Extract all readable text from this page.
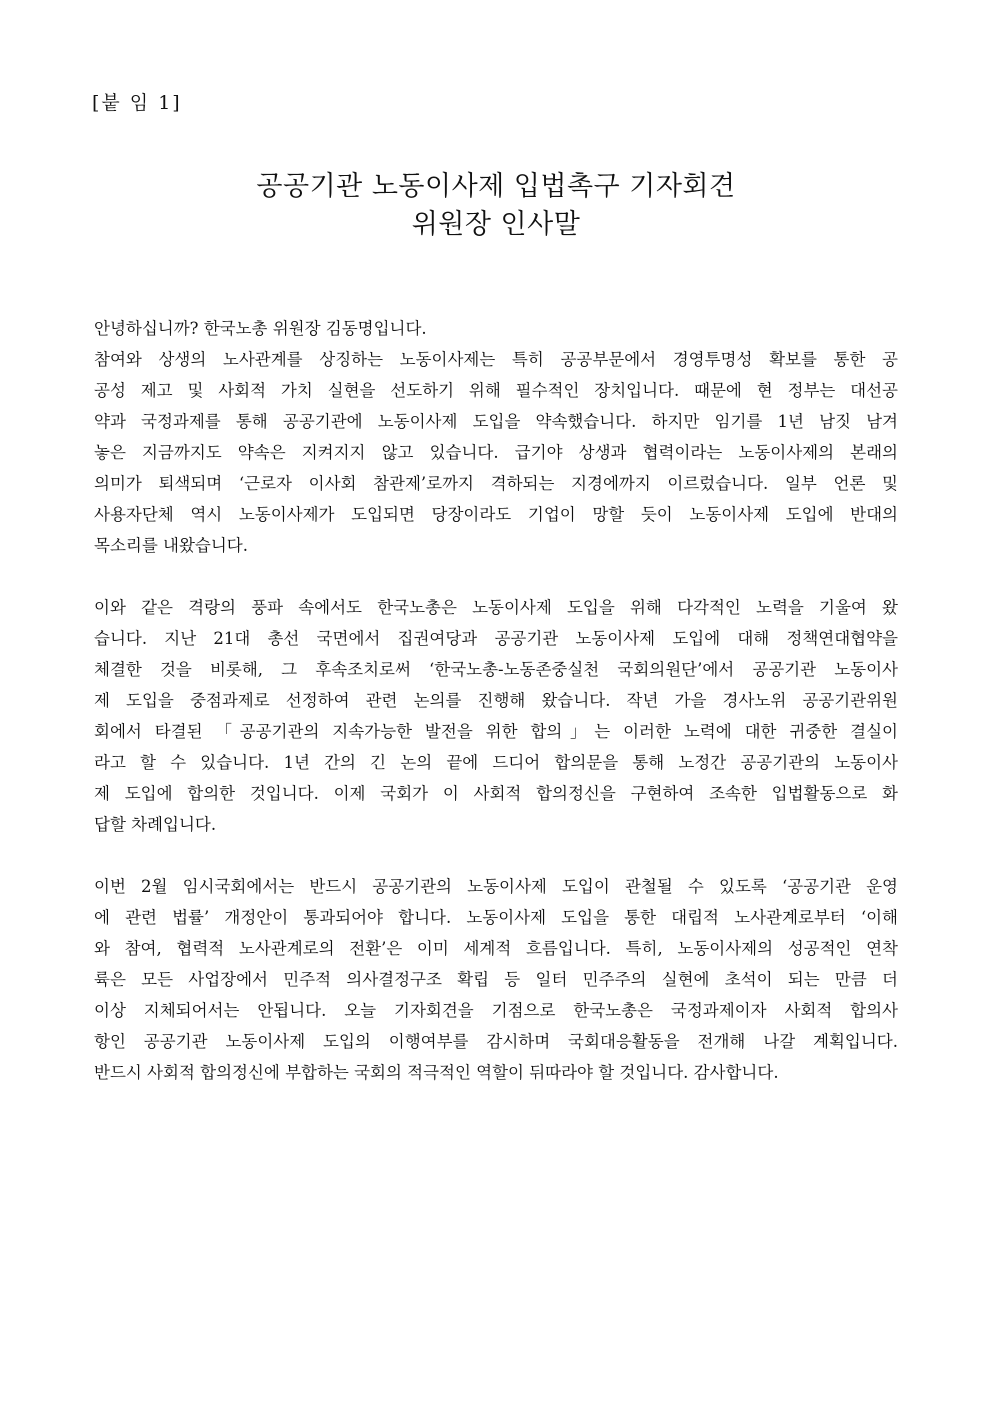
[붙 임 1]
공공기관 노동이사제 입법촉구 기자회견
위원장 인사말
안녕하십니까? 한국노총 위원장 김동명입니다.
참여와 상생의 노사관계를 상징하는 노동이사제는 특히 공공부문에서 경영투명성 확보를 통한 공
공성 제고 및 사회적 가치 실현을 선도하기 위해 필수적인 장치입니다. 때문에 현 정부는 대선공
약과 국정과제를 통해 공공기관에 노동이사제 도입을 약속했습니다. 하지만 임기를 1년 남짓 남겨
놓은 지금까지도 약속은 지켜지지 않고 있습니다. 급기야 상생과 협력이라는 노동이사제의 본래의
의미가 퇴색되며 ‘근로자 이사회 참관제’로까지 격하되는 지경에까지 이르렀습니다. 일부 언론 및
사용자단체 역시 노동이사제가 도입되면 당장이라도 기업이 망할 듯이 노동이사제 도입에 반대의
목소리를 내왔습니다.
이와 같은 격랑의 풍파 속에서도 한국노총은 노동이사제 도입을 위해 다각적인 노력을 기울여 왔
습니다. 지난 21대 총선 국면에서 집권여당과 공공기관 노동이사제 도입에 대해 정책연대협약을
체결한 것을 비롯해, 그 후속조치로써 ‘한국노총-노동존중실천 국회의원단’에서 공공기관 노동이사
제 도입을 중점과제로 선정하여 관련 논의를 진행해 왔습니다. 작년 가을 경사노위 공공기관위원
회에서 타결된 「공공기관의 지속가능한 발전을 위한 합의」는 이러한 노력에 대한 귀중한 결실이
라고 할 수 있습니다. 1년 간의 긴 논의 끝에 드디어 합의문을 통해 노정간 공공기관의 노동이사
제 도입에 합의한 것입니다. 이제 국회가 이 사회적 합의정신을 구현하여 조속한 입법활동으로 화
답할 차례입니다.
이번 2월 임시국회에서는 반드시 공공기관의 노동이사제 도입이 관철될 수 있도록 ‘공공기관 운영
에 관련 법률’ 개정안이 통과되어야 합니다. 노동이사제 도입을 통한 대립적 노사관계로부터 ‘이해
와 참여, 협력적 노사관계로의 전환’은 이미 세계적 흐름입니다. 특히, 노동이사제의 성공적인 연착
륙은 모든 사업장에서 민주적 의사결정구조 확립 등 일터 민주주의 실현에 초석이 되는 만큼 더
이상 지체되어서는 안됩니다. 오늘 기자회견을 기점으로 한국노총은 국정과제이자 사회적 합의사
항인 공공기관 노동이사제 도입의 이행여부를 감시하며 국회대응활동을 전개해 나갈 계획입니다.
반드시 사회적 합의정신에 부합하는 국회의 적극적인 역할이 뒤따라야 할 것입니다. 감사합니다.
